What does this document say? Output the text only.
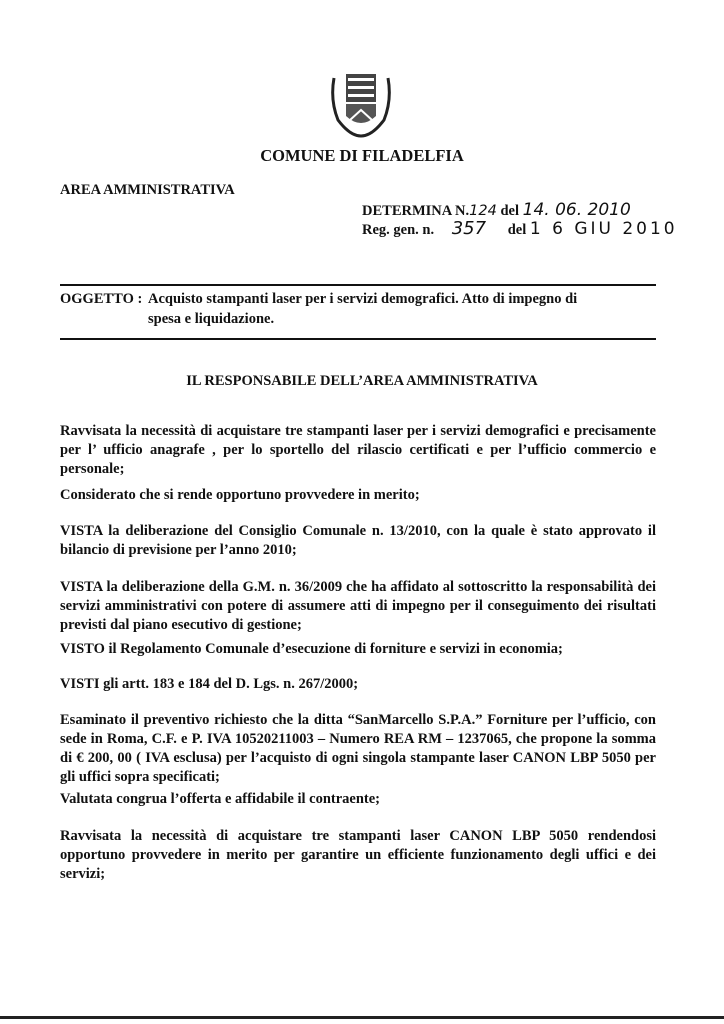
COMUNE DI FILADELFIA
AREA AMMINISTRATIVA
DETERMINA N.124 del 14. 06. 2010
Reg. gen. n. 357 del 1 6 GIU 2010
OGGETTO : Acquisto stampanti laser per i servizi demografici. Atto di impegno di spesa e liquidazione.
IL RESPONSABILE DELL’AREA AMMINISTRATIVA
Ravvisata la necessità di acquistare tre stampanti laser per i servizi demografici e precisamente per l’ ufficio anagrafe , per lo sportello del rilascio certificati e per l’ufficio commercio e personale;
Considerato che si rende opportuno provvedere in merito;
VISTA la deliberazione del Consiglio Comunale n. 13/2010, con la quale è stato approvato il bilancio di previsione per l’anno 2010;
VISTA la deliberazione della G.M. n. 36/2009 che ha affidato al sottoscritto la responsabilità dei servizi amministrativi con potere di assumere atti di impegno per il conseguimento dei risultati previsti dal piano esecutivo di gestione;
VISTO il Regolamento Comunale d’esecuzione di forniture e servizi in economia;
VISTI gli artt. 183 e 184 del D. Lgs. n. 267/2000;
Esaminato il preventivo richiesto che la ditta “SanMarcello S.P.A.” Forniture per l’ufficio, con sede in Roma, C.F. e P. IVA 10520211003 – Numero REA RM – 1237065, che propone la somma di € 200, 00 ( IVA esclusa) per l’acquisto di ogni singola stampante laser CANON LBP 5050 per gli uffici sopra specificati;
Valutata congrua l’offerta e affidabile il contraente;
Ravvisata la necessità di acquistare tre stampanti laser CANON LBP 5050 rendendosi opportuno provvedere in merito per garantire un efficiente funzionamento degli uffici e dei servizi;
